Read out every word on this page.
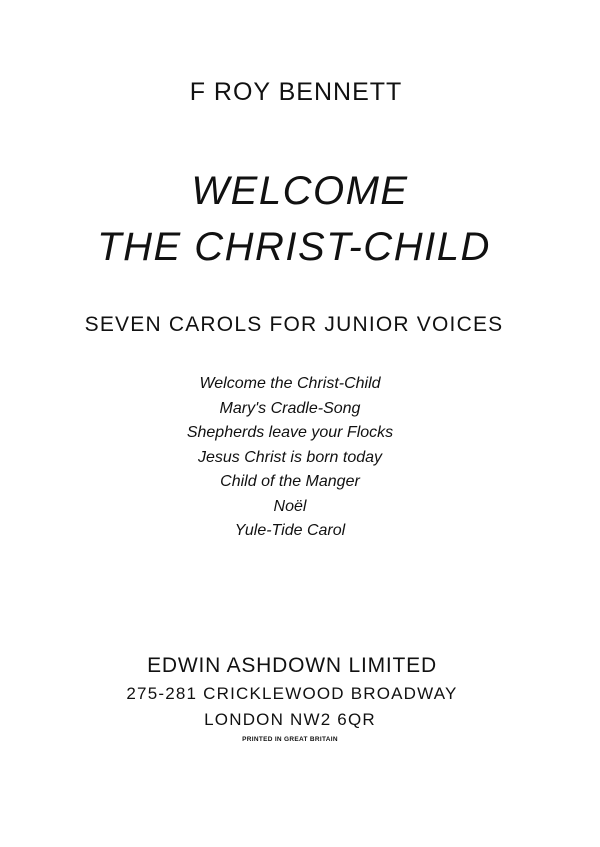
F ROY BENNETT
WELCOME
THE CHRIST-CHILD
SEVEN CAROLS FOR JUNIOR VOICES
Welcome the Christ-Child
Mary's Cradle-Song
Shepherds leave your Flocks
Jesus Christ is born today
Child of the Manger
Noël
Yule-Tide Carol
EDWIN ASHDOWN LIMITED
275-281 CRICKLEWOOD BROADWAY
LONDON NW2 6QR
PRINTED IN GREAT BRITAIN
